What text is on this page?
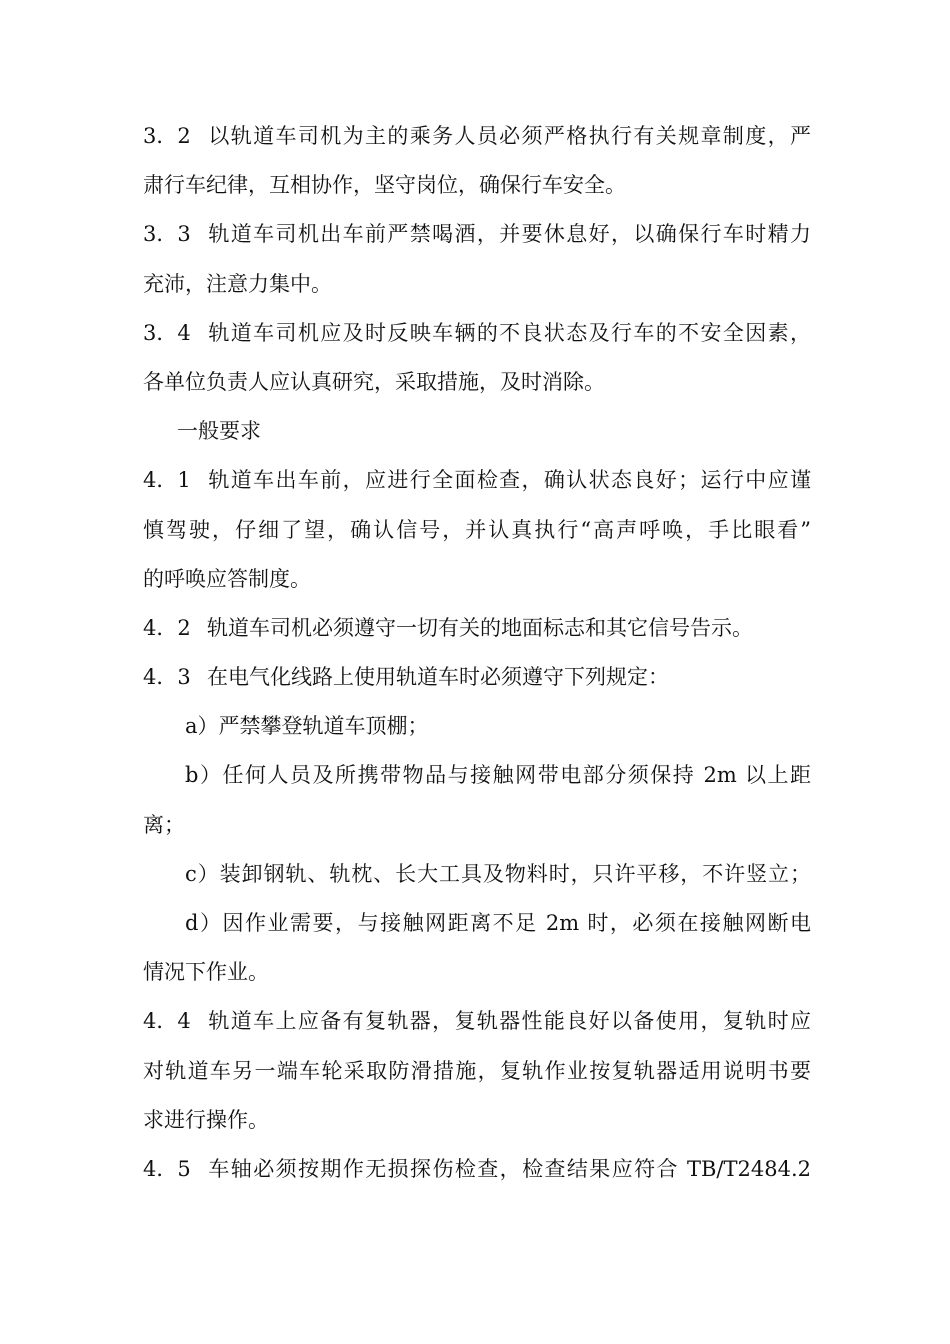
3．2 以轨道车司机为主的乘务人员必须严格执行有关规章制度，严
肃行车纪律，互相协作，坚守岗位，确保行车安全。
3．3 轨道车司机出车前严禁喝酒，并要休息好，以确保行车时精力
充沛，注意力集中。
3．4 轨道车司机应及时反映车辆的不良状态及行车的不安全因素，
各单位负责人应认真研究，采取措施，及时消除。
一般要求
4．1 轨道车出车前，应进行全面检查，确认状态良好；运行中应谨
慎驾驶，仔细了望，确认信号，并认真执行“高声呼唤，手比眼看”
的呼唤应答制度。
4．2 轨道车司机必须遵守一切有关的地面标志和其它信号告示。
4．3 在电气化线路上使用轨道车时必须遵守下列规定：
a）严禁攀登轨道车顶棚；
b）任何人员及所携带物品与接触网带电部分须保持 2m 以上距
离；
c）装卸钢轨、轨枕、长大工具及物料时，只许平移，不许竖立；
d）因作业需要，与接触网距离不足 2m 时，必须在接触网断电
情况下作业。
4．4 轨道车上应备有复轨器，复轨器性能良好以备使用，复轨时应
对轨道车另一端车轮采取防滑措施，复轨作业按复轨器适用说明书要
求进行操作。
4．5 车轴必须按期作无损探伤检查，检查结果应符合 TB/T2484.2
